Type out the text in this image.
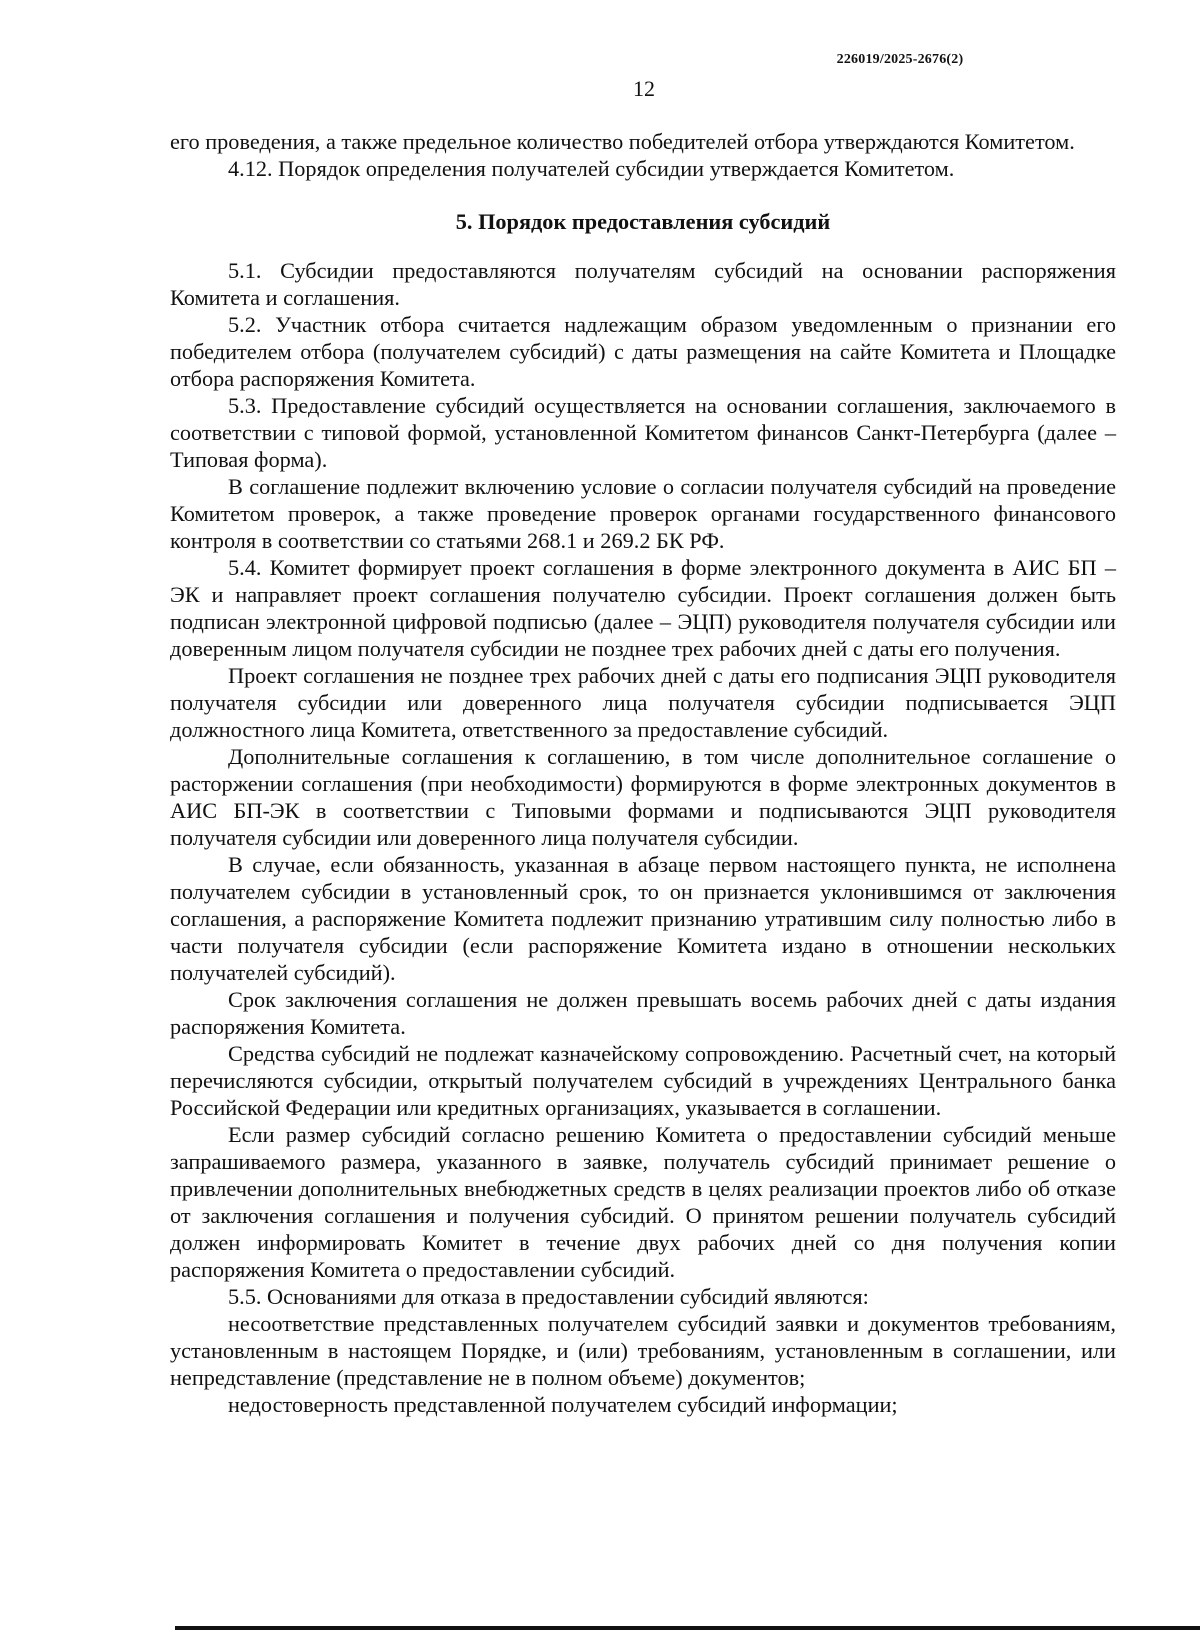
226019/2025-2676(2)
12

его проведения, а также предельное количество победителей отбора утверждаются Комитетом.

4.12. Порядок определения получателей субсидии утверждается Комитетом.

5. Порядок предоставления субсидий

5.1. Субсидии предоставляются получателям субсидий на основании распоряжения Комитета и соглашения.

5.2. Участник отбора считается надлежащим образом уведомленным о признании его победителем отбора (получателем субсидий) с даты размещения на сайте Комитета и Площадке отбора распоряжения Комитета.

5.3. Предоставление субсидий осуществляется на основании соглашения, заключаемого в соответствии с типовой формой, установленной Комитетом финансов Санкт-Петербурга (далее – Типовая форма).

В соглашение подлежит включению условие о согласии получателя субсидий на проведение Комитетом проверок, а также проведение проверок органами государственного финансового контроля в соответствии со статьями 268.1 и 269.2 БК РФ.

5.4. Комитет формирует проект соглашения в форме электронного документа в АИС БП – ЭК и направляет проект соглашения получателю субсидии. Проект соглашения должен быть подписан электронной цифровой подписью (далее – ЭЦП) руководителя получателя субсидии или доверенным лицом получателя субсидии не позднее трех рабочих дней с даты его получения.

Проект соглашения не позднее трех рабочих дней с даты его подписания ЭЦП руководителя получателя субсидии или доверенного лица получателя субсидии подписывается ЭЦП должностного лица Комитета, ответственного за предоставление субсидий.

Дополнительные соглашения к соглашению, в том числе дополнительное соглашение о расторжении соглашения (при необходимости) формируются в форме электронных документов в АИС БП-ЭК в соответствии с Типовыми формами и подписываются ЭЦП руководителя получателя субсидии или доверенного лица получателя субсидии.

В случае, если обязанность, указанная в абзаце первом настоящего пункта, не исполнена получателем субсидии в установленный срок, то он признается уклонившимся от заключения соглашения, а распоряжение Комитета подлежит признанию утратившим силу полностью либо в части получателя субсидии (если распоряжение Комитета издано в отношении нескольких получателей субсидий).

Срок заключения соглашения не должен превышать восемь рабочих дней с даты издания распоряжения Комитета.

Средства субсидий не подлежат казначейскому сопровождению. Расчетный счет, на который перечисляются субсидии, открытый получателем субсидий в учреждениях Центрального банка Российской Федерации или кредитных организациях, указывается в соглашении.

Если размер субсидий согласно решению Комитета о предоставлении субсидий меньше запрашиваемого размера, указанного в заявке, получатель субсидий принимает решение о привлечении дополнительных внебюджетных средств в целях реализации проектов либо об отказе от заключения соглашения и получения субсидий. О принятом решении получатель субсидий должен информировать Комитет в течение двух рабочих дней со дня получения копии распоряжения Комитета о предоставлении субсидий.

5.5. Основаниями для отказа в предоставлении субсидий являются:

несоответствие представленных получателем субсидий заявки и документов требованиям, установленным в настоящем Порядке, и (или) требованиям, установленным в соглашении, или непредставление (представление не в полном объеме) документов;

недостоверность представленной получателем субсидий информации;
